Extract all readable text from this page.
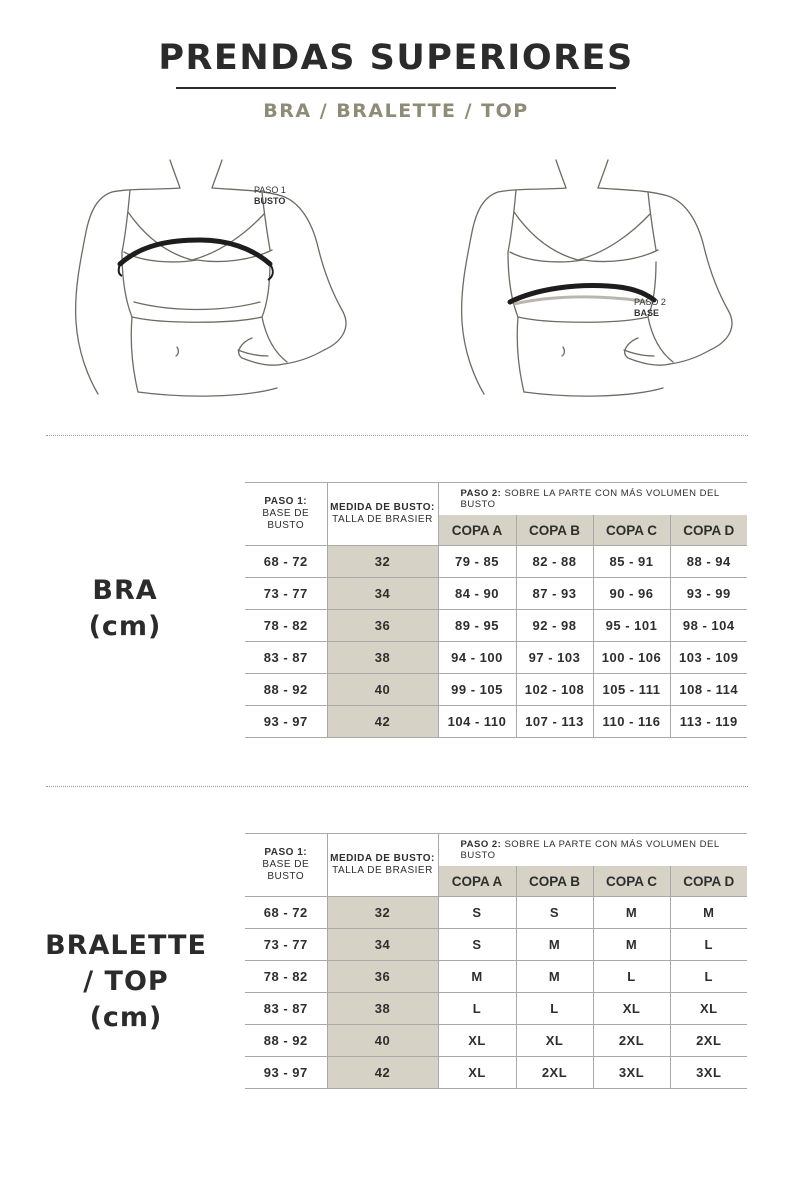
PRENDAS SUPERIORES
BRA / BRALETTE / TOP
PASO 1
BUSTO
PASO 2
BASE
BRA
(cm)
PASO 1:
BASE DE
BUSTO	MEDIDA DE BUSTO:
TALLA DE BRASIER	PASO 2: SOBRE LA PARTE CON MÁS VOLUMEN DEL BUSTO			
		COPA A	COPA B	COPA C	COPA D
68 - 72	32	79 - 85	82 - 88	85 - 91	88 - 94
73 - 77	34	84 - 90	87 - 93	90 - 96	93 - 99
78 - 82	36	89 - 95	92 - 98	95 - 101	98 - 104
83 - 87	38	94 - 100	97 - 103	100 - 106	103 - 109
88 - 92	40	99 - 105	102 - 108	105 - 111	108 - 114
93 - 97	42	104 - 110	107 - 113	110 - 116	113 - 119
BRALETTE
/ TOP
(cm)
PASO 1:
BASE DE
BUSTO	MEDIDA DE BUSTO:
TALLA DE BRASIER	PASO 2: SOBRE LA PARTE CON MÁS VOLUMEN DEL BUSTO			
		COPA A	COPA B	COPA C	COPA D
68 - 72	32	S	S	M	M
73 - 77	34	S	M	M	L
78 - 82	36	M	M	L	L
83 - 87	38	L	L	XL	XL
88 - 92	40	XL	XL	2XL	2XL
93 - 97	42	XL	2XL	3XL	3XL
